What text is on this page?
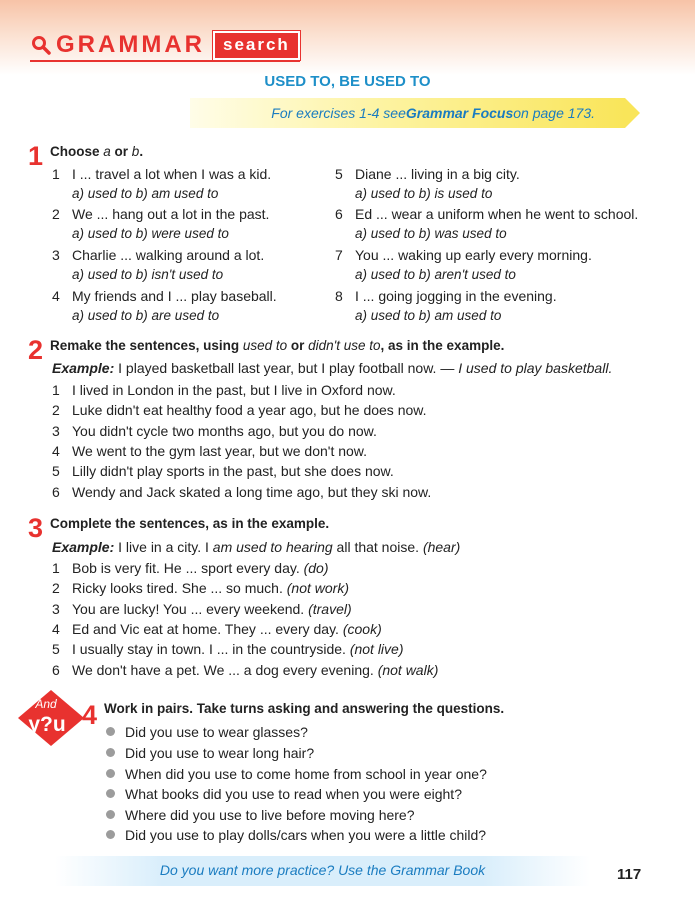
GRAMMAR	search
USED TO, BE USED TO
For exercises 1-4 see Grammar Focus on page 173.
1 Choose a or b.
1 I ... travel a lot when I was a kid.
a) used to b) am used to
2 We ... hang out a lot in the past.
a) used to b) were used to
3 Charlie ... walking around a lot.
a) used to b) isn't used to
4 My friends and I ... play baseball.
a) used to b) are used to
5 Diane ... living in a big city.
a) used to b) is used to
6 Ed ... wear a uniform when he went to school.
a) used to b) was used to
7 You ... waking up early every morning.
a) used to b) aren't used to
8 I ... going jogging in the evening.
a) used to b) am used to
2 Remake the sentences, using used to or didn't use to, as in the example.
Example: I played basketball last year, but I play football now. — I used to play basketball.
1 I lived in London in the past, but I live in Oxford now.
2 Luke didn't eat healthy food a year ago, but he does now.
3 You didn't cycle two months ago, but you do now.
4 We went to the gym last year, but we don't now.
5 Lilly didn't play sports in the past, but she does now.
6 Wendy and Jack skated a long time ago, but they ski now.
3 Complete the sentences, as in the example.
Example: I live in a city. I am used to hearing all that noise. (hear)
1 Bob is very fit. He ... sport every day. (do)
2 Ricky looks tired. She ... so much. (not work)
3 You are lucky! You ... every weekend. (travel)
4 Ed and Vic eat at home. They ... every day. (cook)
5 I usually stay in town. I ... in the countryside. (not live)
6 We don't have a pet. We ... a dog every evening. (not walk)
And
y?u 4 Work in pairs. Take turns asking and answering the questions.
Did you use to wear glasses?
Did you use to wear long hair?
When did you use to come home from school in year one?
What books did you use to read when you were eight?
Where did you use to live before moving here?
Did you use to play dolls/cars when you were a little child?
Do you want more practice? Use the Grammar Book	117
